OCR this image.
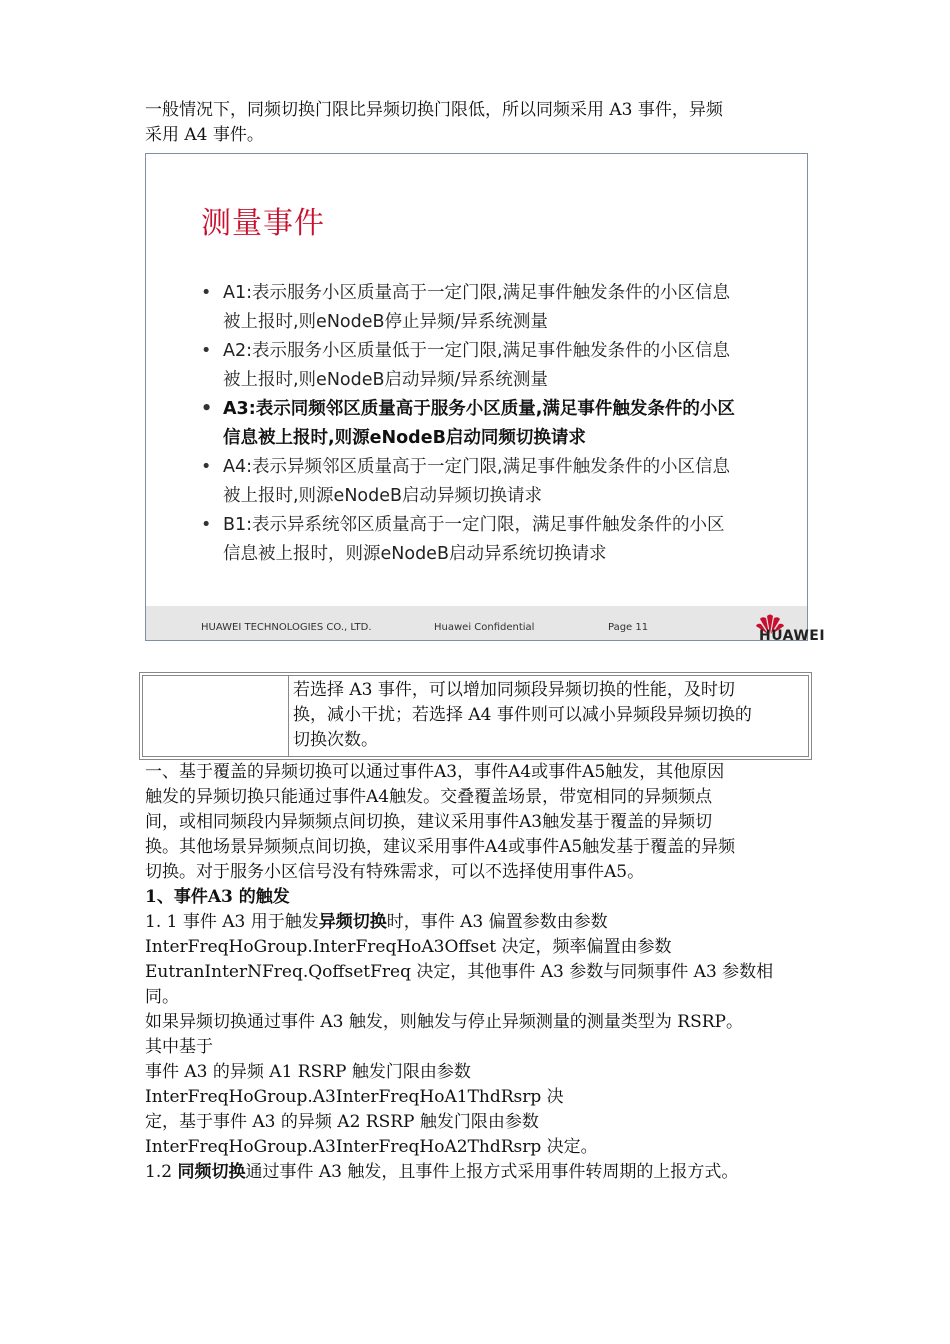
一般情况下，同频切换门限比异频切换门限低，所以同频采用 A3 事件，异频
采用 A4 事件。

测量事件
• A1:表示服务小区质量高于一定门限,满足事件触发条件的小区信息
被上报时,则eNodeB停止异频/异系统测量
• A2:表示服务小区质量低于一定门限,满足事件触发条件的小区信息
被上报时,则eNodeB启动异频/异系统测量
• A3:表示同频邻区质量高于服务小区质量,满足事件触发条件的小区
信息被上报时,则源eNodeB启动同频切换请求
• A4:表示异频邻区质量高于一定门限,满足事件触发条件的小区信息
被上报时,则源eNodeB启动异频切换请求
• B1:表示异系统邻区质量高于一定门限，满足事件触发条件的小区
信息被上报时，则源eNodeB启动异系统切换请求
HUAWEI TECHNOLOGIES CO., LTD.	Huawei Confidential	Page 11
HUAWEI
若选择 A3 事件，可以增加同频段异频切换的性能，及时切
换，减小干扰；若选择 A4 事件则可以减小异频段异频切换的
切换次数。
一、基于覆盖的异频切换可以通过事件A3，事件A4或事件A5触发，其他原因
触发的异频切换只能通过事件A4触发。交叠覆盖场景，带宽相同的异频频点
间，或相同频段内异频频点间切换，建议采用事件A3触发基于覆盖的异频切
换。其他场景异频频点间切换，建议采用事件A4或事件A5触发基于覆盖的异频
切换。对于服务小区信号没有特殊需求，可以不选择使用事件A5。
1、事件A3 的触发
1. 1 事件 A3 用于触发异频切换时，事件 A3 偏置参数由参数
InterFreqHoGroup.InterFreqHoA3Offset 决定，频率偏置由参数
EutranInterNFreq.QoffsetFreq 决定，其他事件 A3 参数与同频事件 A3 参数相
同。
如果异频切换通过事件 A3 触发，则触发与停止异频测量的测量类型为 RSRP。
其中基于
事件 A3 的异频 A1 RSRP 触发门限由参数
InterFreqHoGroup.A3InterFreqHoA1ThdRsrp 决
定，基于事件 A3 的异频 A2 RSRP 触发门限由参数
InterFreqHoGroup.A3InterFreqHoA2ThdRsrp 决定。
1.2 同频切换通过事件 A3 触发，且事件上报方式采用事件转周期的上报方式。
